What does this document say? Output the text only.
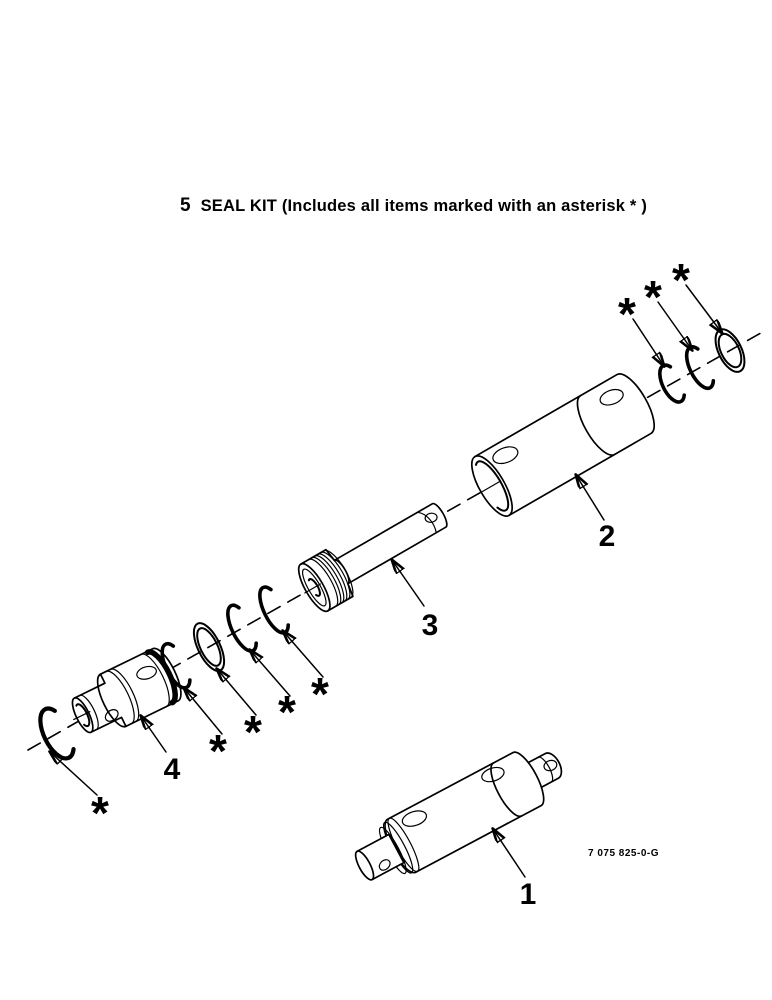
5 SEAL KIT (Includes all items marked with an asterisk * )
1
2
3
4
*
* * * *
* * *
7 075 825-0-G
